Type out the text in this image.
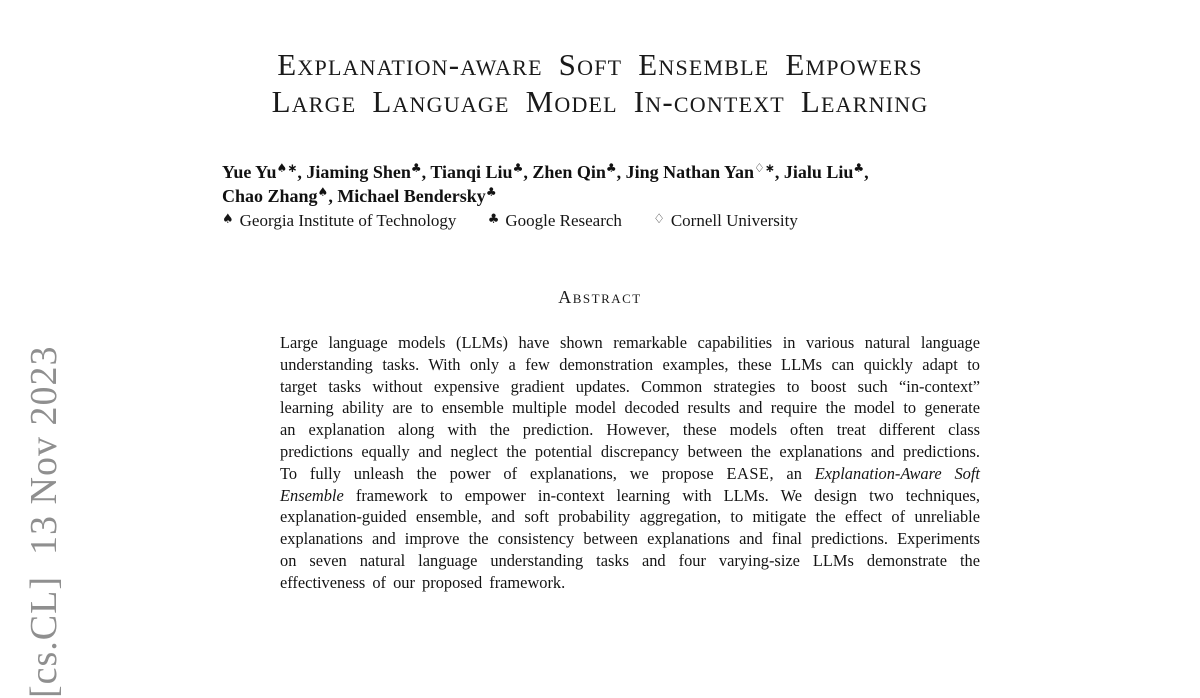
[cs.CL]  13 Nov 2023
Explanation-aware Soft Ensemble Empowers
Large Language Model In-context Learning
Yue Yu♠∗, Jiaming Shen♣, Tianqi Liu♣, Zhen Qin♣, Jing Nathan Yan♢∗, Jialu Liu♣,
Chao Zhang♠, Michael Bendersky♣
♠ Georgia Institute of Technology ♣ Google Research ♢ Cornell University
Abstract

Large language models (LLMs) have shown remarkable capabilities in various natural language understanding tasks. With only a few demonstration examples, these LLMs can quickly adapt to target tasks without expensive gradient updates. Common strategies to boost such “in-context” learning ability are to ensemble multiple model decoded results and require the model to generate an explanation along with the prediction. However, these models often treat different class predictions equally and neglect the potential discrepancy between the explanations and predictions. To fully unleash the power of explanations, we propose EASE, an Explanation-Aware Soft Ensemble framework to empower in-context learning with LLMs. We design two techniques, explanation-guided ensemble, and soft probability aggregation, to mitigate the effect of unreliable explanations and improve the consistency between explanations and final predictions. Experiments on seven natural language understanding tasks and four varying-size LLMs demonstrate the effectiveness of our proposed framework.
